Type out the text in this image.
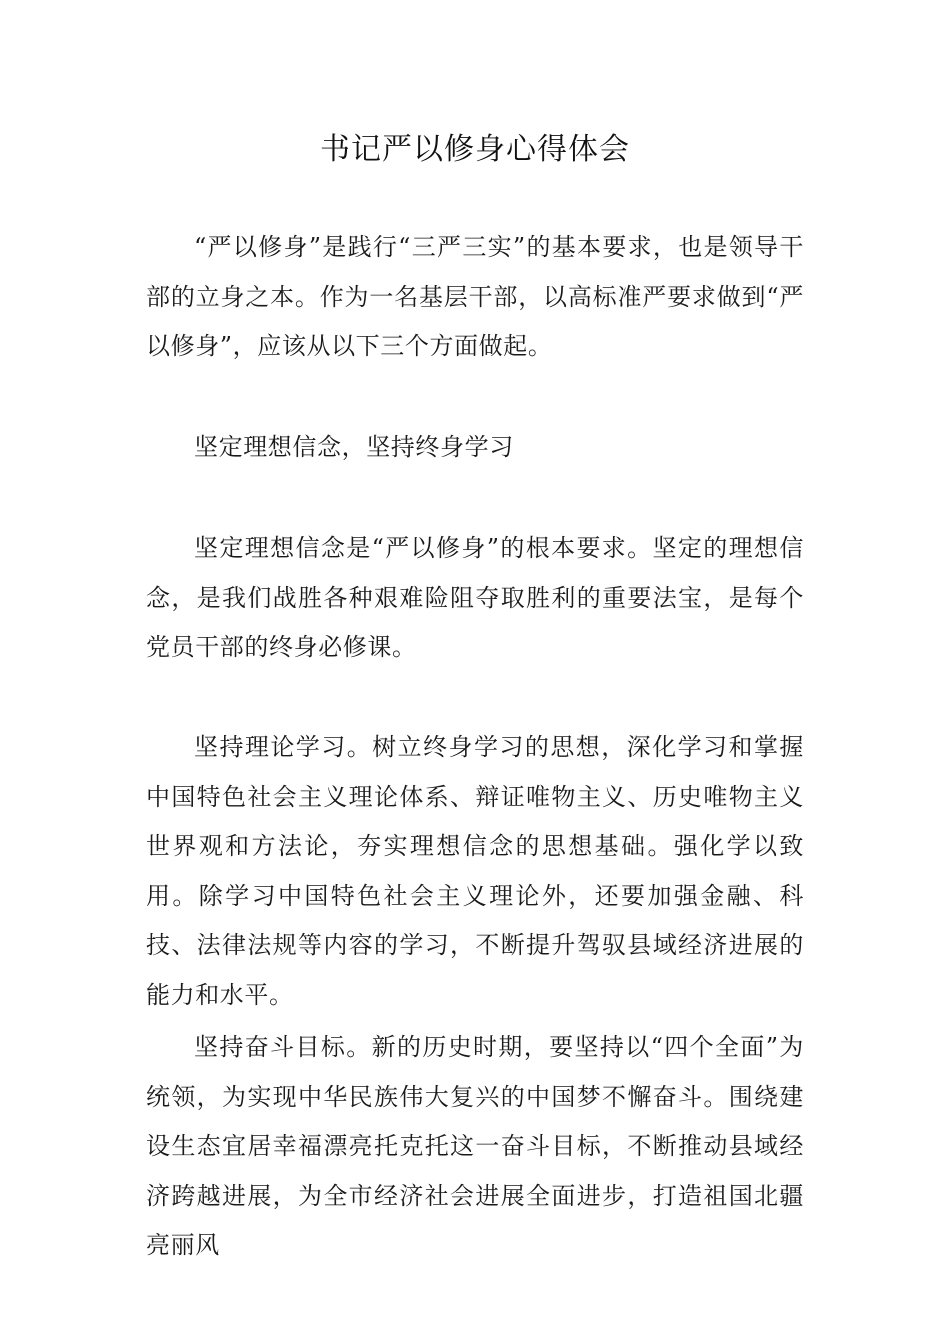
书记严以修身心得体会

“严以修身”是践行“三严三实”的基本要求，也是领导干部的立身之本。作为一名基层干部，以高标准严要求做到“严以修身”，应该从以下三个方面做起。

坚定理想信念，坚持终身学习

坚定理想信念是“严以修身”的根本要求。坚定的理想信念，是我们战胜各种艰难险阻夺取胜利的重要法宝，是每个党员干部的终身必修课。

坚持理论学习。树立终身学习的思想，深化学习和掌握中国特色社会主义理论体系、辩证唯物主义、历史唯物主义世界观和方法论，夯实理想信念的思想基础。强化学以致用。除学习中国特色社会主义理论外，还要加强金融、科技、法律法规等内容的学习，不断提升驾驭县域经济进展的能力和水平。

坚持奋斗目标。新的历史时期，要坚持以“四个全面”为统领，为实现中华民族伟大复兴的中国梦不懈奋斗。围绕建设生态宜居幸福漂亮托克托这一奋斗目标，不断推动县域经济跨越进展，为全市经济社会进展全面进步，打造祖国北疆亮丽风
